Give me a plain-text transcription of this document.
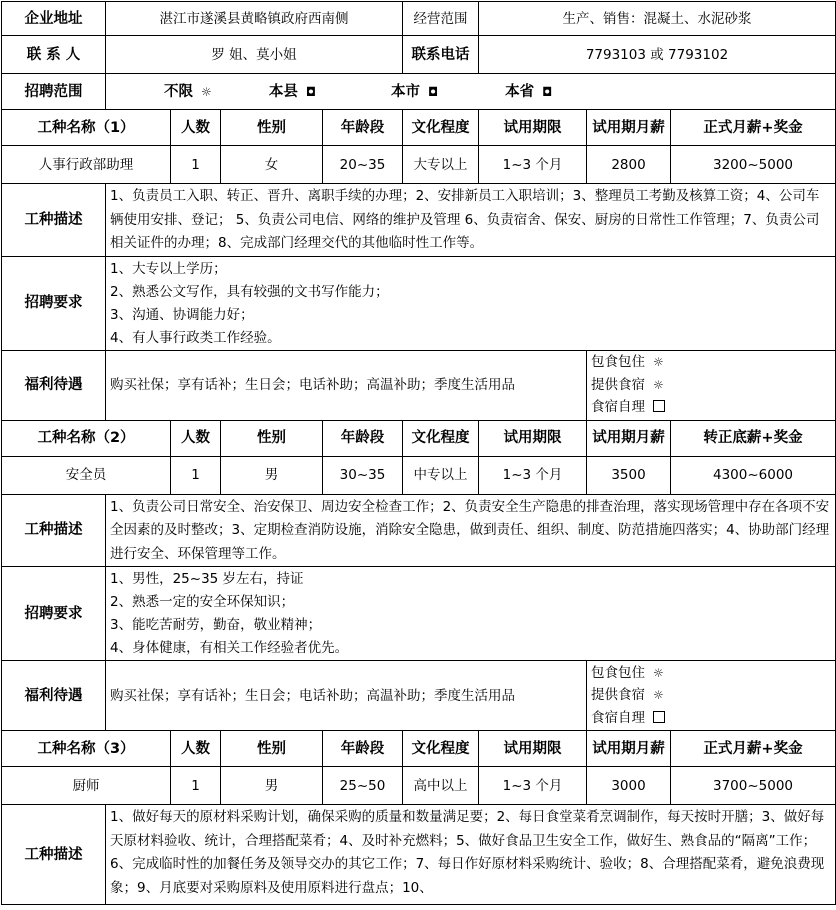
企业地址	湛江市遂溪县黄略镇政府西南侧				经营范围	生产、销售：混凝土、水泥砂浆		
联 系 人	罗 姐、莫小姐				联系电话	7793103 或 7793102		
招聘范围	不限 ☼ 本县 ◘ 本市 ◘ 本省 ◘							
工种名称（1）		人数	性别	年龄段	文化程度	试用期限	试用期月薪	正式月薪+奖金
人事行政部助理		1	女	20~35	大专以上	1~3 个月	2800	3200~5000
工种描述	1、负责员工入职、转正、晋升、离职手续的办理；2、安排新员工入职培训；3、整理员工考勤及核算工资；4、公司车辆使用安排、登记； 5、负责公司电信、网络的维护及管理 6、负责宿舍、保安、厨房的日常性工作管理；7、负责公司相关证件的办理；8、完成部门经理交代的其他临时性工作等。							
招聘要求	1、大专以上学历；
2、熟悉公文写作，具有较强的文书写作能力；
3、沟通、协调能力好；
4、有人事行政类工作经验。							

福利待遇	购买社保；享有话补；生日会；电话补助；高温补助；季度生活用品						包食包住 ☼
提供食宿 ☼
食宿自理	

工种名称（2）		人数	性别	年龄段	文化程度	试用期限	试用期月薪	转正底薪+奖金
安全员		1	男	30~35	中专以上	1~3 个月	3500	4300~6000
工种描述	1、负责公司日常安全、治安保卫、周边安全检查工作；2、负责安全生产隐患的排查治理，落实现场管理中存在各项不安全因素的及时整改；3、定期检查消防设施，消除安全隐患，做到责任、组织、制度、防范措施四落实；4、协助部门经理进行安全、环保管理等工作。							
招聘要求	1、男性，25~35 岁左右，持证
2、熟悉一定的安全环保知识；
3、能吃苦耐劳，勤奋，敬业精神；
4、身体健康，有相关工作经验者优先。							

福利待遇	购买社保；享有话补；生日会；电话补助；高温补助；季度生活用品						包食包住 ☼
提供食宿 ☼
食宿自理	

工种名称（3）		人数	性别	年龄段	文化程度	试用期限	试用期月薪	正式月薪+奖金
厨师		1	男	25~50	高中以上	1~3 个月	3000	3700~5000
工种描述	1、做好每天的原材料采购计划，确保采购的质量和数量满足要；2、每日食堂菜肴烹调制作，每天按时开膳；3、做好每天原材料验收、统计，合理搭配菜肴；4、及时补充燃料；5、做好食品卫生安全工作，做好生、熟食品的“隔离”工作；6、完成临时性的加餐任务及领导交办的其它工作；7、每日作好原材料采购统计、验收；8、合理搭配菜肴，避免浪费现象；9、月底要对采购原料及使用原料进行盘点；10、							
